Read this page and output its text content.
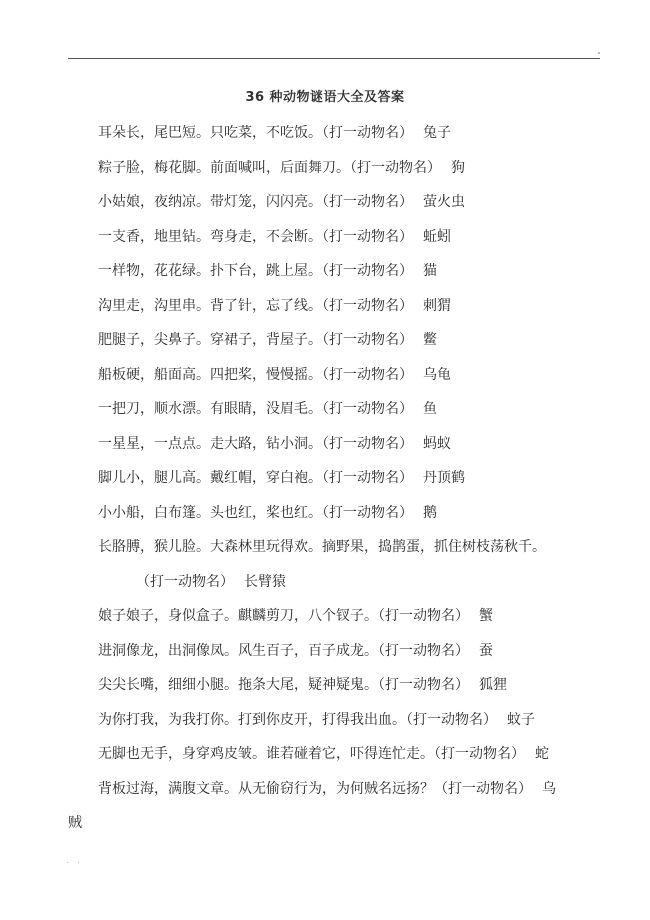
36 种动物谜语大全及答案
耳朵长，尾巴短。只吃菜，不吃饭。（打一动物名） 兔子
粽子脸，梅花脚。前面喊叫，后面舞刀。（打一动物名） 狗
小姑娘，夜纳凉。带灯笼，闪闪亮。（打一动物名） 萤火虫
一支香，地里钻。弯身走，不会断。（打一动物名） 蚯蚓
一样物，花花绿。扑下台，跳上屋。（打一动物名） 猫
沟里走，沟里串。背了针，忘了线。（打一动物名） 刺猬
肥腿子，尖鼻子。穿裙子，背屋子。（打一动物名） 鳖
船板硬，船面高。四把桨，慢慢摇。（打一动物名） 乌龟
一把刀，顺水漂。有眼睛，没眉毛。（打一动物名） 鱼
一星星，一点点。走大路，钻小洞。（打一动物名） 蚂蚁
脚儿小，腿儿高。戴红帽，穿白袍。（打一动物名） 丹顶鹤
小小船，白布篷。头也红，桨也红。（打一动物名） 鹅
长胳膊，猴儿脸。大森林里玩得欢。摘野果，捣鹊蛋，抓住树枝荡秋千。
（打一动物名） 长臂猿
娘子娘子，身似盒子。麒麟剪刀，八个钗子。（打一动物名） 蟹
进洞像龙，出洞像凤。风生百子，百子成龙。（打一动物名） 蚕
尖尖长嘴，细细小腿。拖条大尾，疑神疑鬼。（打一动物名） 狐狸
为你打我，为我打你。打到你皮开，打得我出血。（打一动物名） 蚊子
无脚也无手，身穿鸡皮皱。谁若碰着它，吓得连忙走。（打一动物名） 蛇
背板过海，满腹文章。从无偷窃行为，为何贼名远扬？（打一动物名） 乌
贼
. .
